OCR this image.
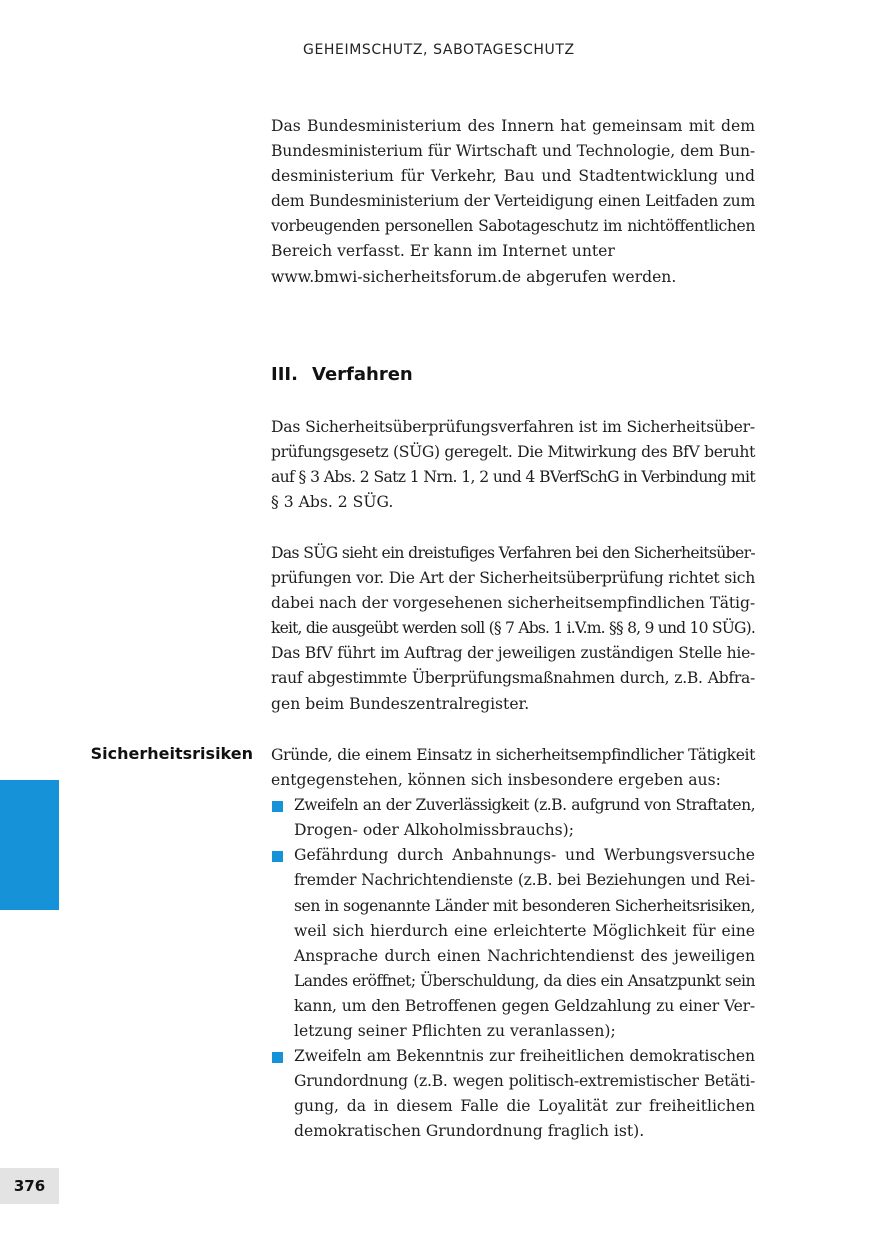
GEHEIMSCHUTZ, SABOTAGESCHUTZ

Das Bundesministerium des Innern hat gemeinsam mit dem
Bundesministerium für Wirtschaft und Technologie, dem Bun-
desministerium für Verkehr, Bau und Stadtentwicklung und
dem Bundesministerium der Verteidigung einen Leitfaden zum
vorbeugenden personellen Sabotageschutz im nichtöffentlichen
Bereich verfasst. Er kann im Internet unter
www.bmwi-sicherheitsforum.de abgerufen werden.

III. Verfahren

Das Sicherheitsüberprüfungsverfahren ist im Sicherheitsüber-
prüfungsgesetz (SÜG) geregelt. Die Mitwirkung des BfV beruht
auf § 3 Abs. 2 Satz 1 Nrn. 1, 2 und 4 BVerfSchG in Verbindung mit
§ 3 Abs. 2 SÜG.

Das SÜG sieht ein dreistufiges Verfahren bei den Sicherheitsüber-
prüfungen vor. Die Art der Sicherheitsüberprüfung richtet sich
dabei nach der vorgesehenen sicherheitsempfindlichen Tätig-
keit, die ausgeübt werden soll (§ 7 Abs. 1 i.V.m. §§ 8, 9 und 10 SÜG).
Das BfV führt im Auftrag der jeweiligen zuständigen Stelle hie-
rauf abgestimmte Überprüfungsmaßnahmen durch, z.B. Abfra-
gen beim Bundeszentralregister.

Sicherheitsrisiken Gründe, die einem Einsatz in sicherheitsempfindlicher Tätigkeit
entgegenstehen, können sich insbesondere ergeben aus:

Zweifeln an der Zuverlässigkeit (z.B. aufgrund von Straftaten,
Drogen- oder Alkoholmissbrauchs);
Gefährdung durch Anbahnungs- und Werbungsversuche
fremder Nachrichtendienste (z.B. bei Beziehungen und Rei-
sen in sogenannte Länder mit besonderen Sicherheitsrisiken,
weil sich hierdurch eine erleichterte Möglichkeit für eine
Ansprache durch einen Nachrichtendienst des jeweiligen
Landes eröffnet; Überschuldung, da dies ein Ansatzpunkt sein
kann, um den Betroffenen gegen Geldzahlung zu einer Ver-
letzung seiner Pflichten zu veranlassen);
Zweifeln am Bekenntnis zur freiheitlichen demokratischen
Grundordnung (z.B. wegen politisch-extremistischer Betäti-
gung, da in diesem Falle die Loyalität zur freiheitlichen
demokratischen Grundordnung fraglich ist).
376
